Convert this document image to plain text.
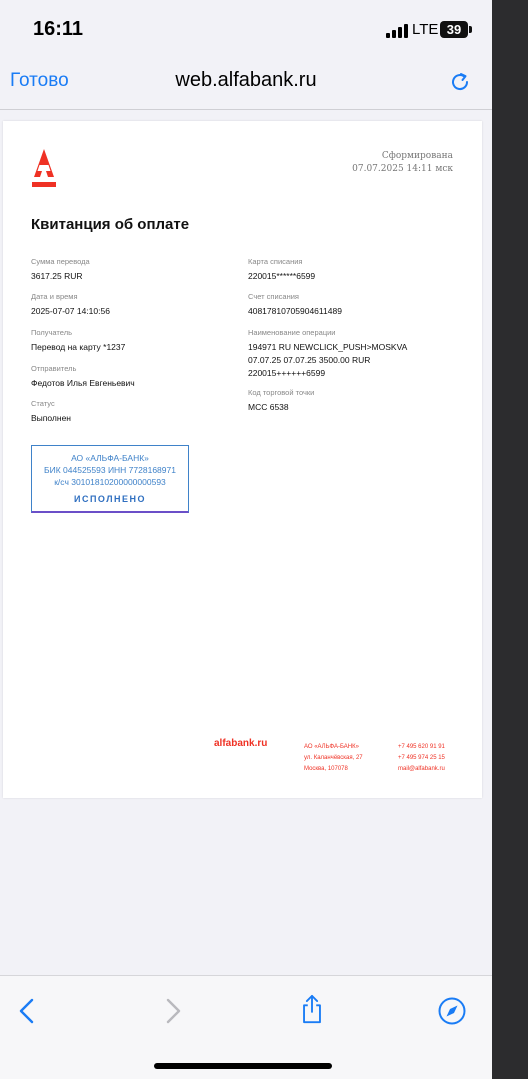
16:11	LTE 39
Готово	web.alfabank.ru
Сформирована
07.07.2025 14:11 мск
Квитанция об оплате
Сумма перевода
3617.25 RUR
Дата и время
2025-07-07 14:10:56
Получатель
Перевод на карту *1237
Отправитель
Федотов Илья Евгеньевич
Статус
Выполнен
Карта списания
220015******6599
Счет списания
40817810705904611489
Наименование операции
194971 RU NEWCLICK_PUSH>MOSKVA
07.07.25 07.07.25 3500.00 RUR
220015++++++6599
Код торговой точки
MCC 6538
АО «АЛЬФА-БАНК»
БИК 044525593 ИНН 7728168971
к/сч 30101810200000000593
ИСПОЛНЕНО
alfabank.ru	АО «АЛЬФА-БАНК»
ул. Каланчёвская, 27
Москва, 107078
+7 495 620 91 91
+7 495 974 25 15
mail@alfabank.ru
